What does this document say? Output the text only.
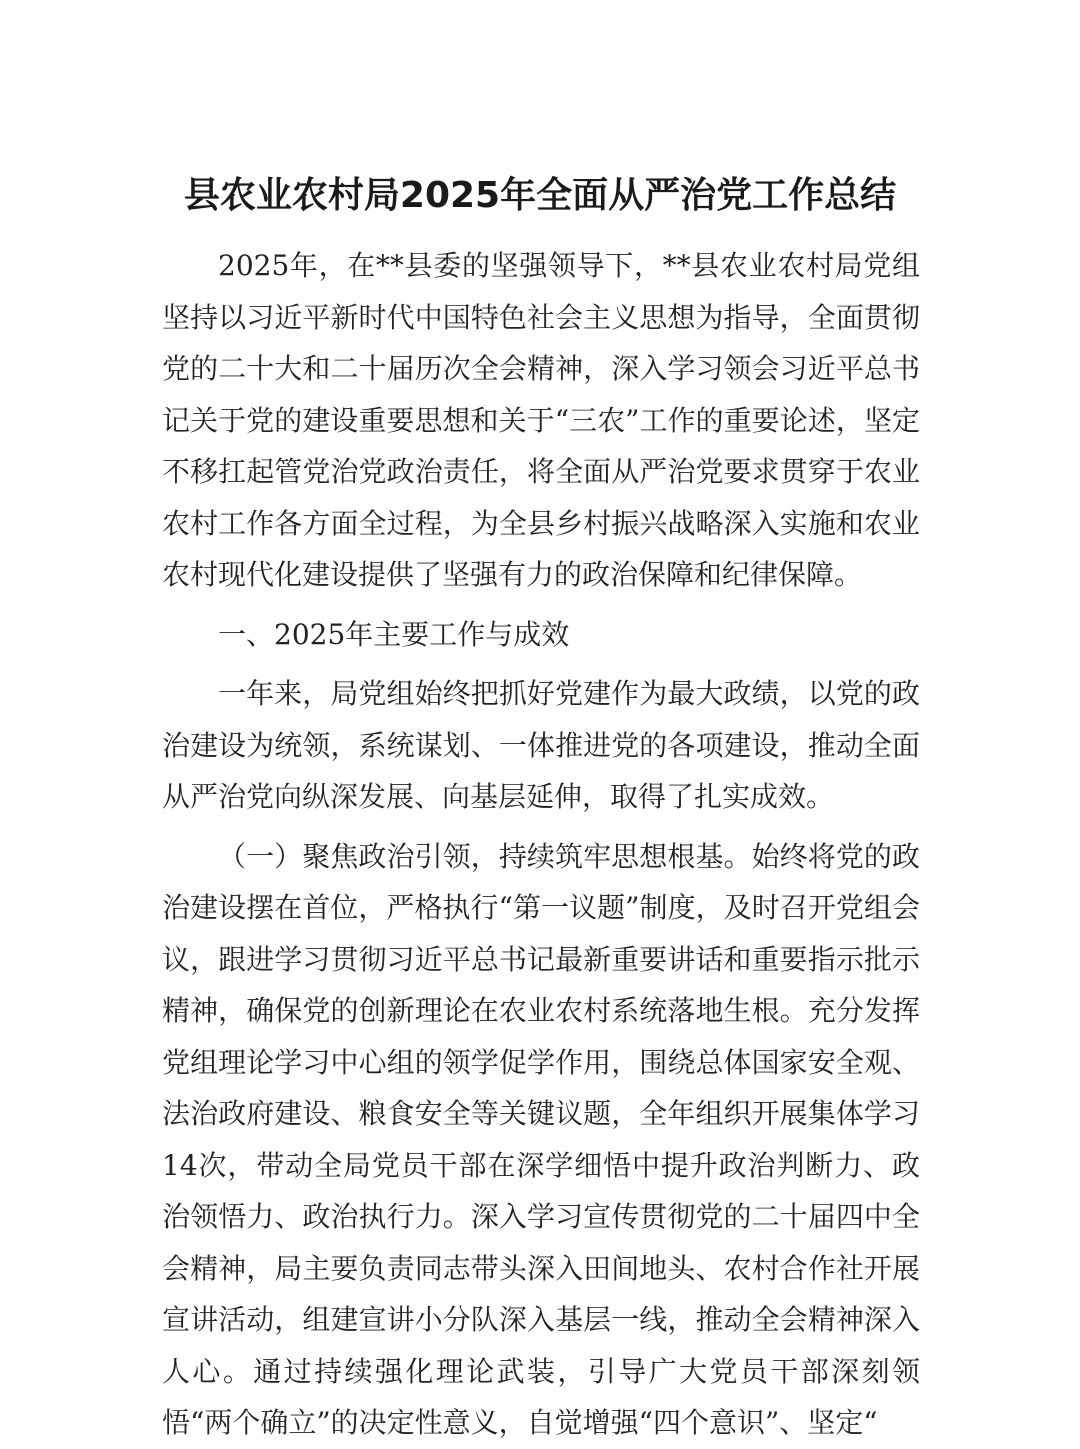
县农业农村局2025年全面从严治党工作总结

2025年，在**县委的坚强领导下，**县农业农村局党组坚持以习近平新时代中国特色社会主义思想为指导，全面贯彻党的二十大和二十届历次全会精神，深入学习领会习近平总书记关于党的建设重要思想和关于“三农”工作的重要论述，坚定不移扛起管党治党政治责任，将全面从严治党要求贯穿于农业农村工作各方面全过程，为全县乡村振兴战略深入实施和农业农村现代化建设提供了坚强有力的政治保障和纪律保障。

一、2025年主要工作与成效

一年来，局党组始终把抓好党建作为最大政绩，以党的政治建设为统领，系统谋划、一体推进党的各项建设，推动全面从严治党向纵深发展、向基层延伸，取得了扎实成效。

（一）聚焦政治引领，持续筑牢思想根基。始终将党的政治建设摆在首位，严格执行“第一议题”制度，及时召开党组会议，跟进学习贯彻习近平总书记最新重要讲话和重要指示批示精神，确保党的创新理论在农业农村系统落地生根。充分发挥党组理论学习中心组的领学促学作用，围绕总体国家安全观、法治政府建设、粮食安全等关键议题，全年组织开展集体学习14次，带动全局党员干部在深学细悟中提升政治判断力、政治领悟力、政治执行力。深入学习宣传贯彻党的二十届四中全会精神，局主要负责同志带头深入田间地头、农村合作社开展宣讲活动，组建宣讲小分队深入基层一线，推动全会精神深入人心。通过持续强化理论武装，引导广大党员干部深刻领悟“两个确立”的决定性意义，自觉增强“四个意识”、坚定“
